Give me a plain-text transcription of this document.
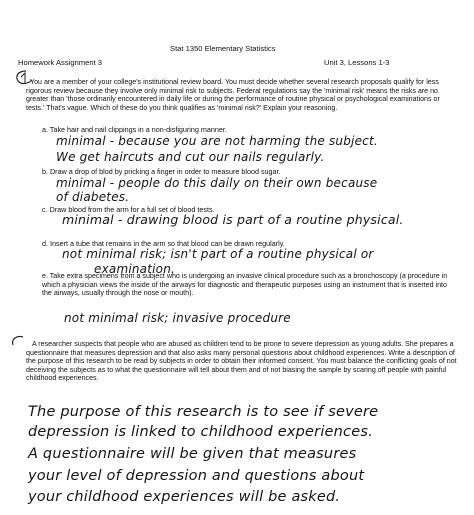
Stat 1350 Elementary Statistics
Homework Assignment 3	Unit 3, Lessons 1-3
You are a member of your college's institutional review board. You must decide whether several research proposals qualify for less rigorous review because they involve only minimal risk to subjects. Federal regulations say the 'minimal risk' means the risks are no greater than 'those ordinarily encountered in daily life or during the performance of routine physical or psychological examinations or tests.' That's vague. Which of these do you think qualifies as 'minimal risk?' Explain your reasoning.
a. Take hair and nail clippings in a non-disfiguring manner.
minimal - because you are not harming the subject.
We get haircuts and cut our nails regularly.
b. Draw a drop of blod by pricking a finger in order to measure blood sugar.
minimal - people do this daily on their own because
of diabetes.
c. Draw blood from the arm for a full set of blood tests.
minimal - drawing blood is part of a routine physical.
d. Insert a tube that remains in the arm so that blood can be drawn regularly.
not minimal risk; isn't part of a routine physical or
examination.
e. Take extra specimens from a subject who is undergoing an invasive clinical procedure such as a bronchoscopy (a procedure in which a physician views the inside of the airways for diagnostic and therapeutic purposes using an instrument that is inserted into the airways, usually through the nose or mouth).
not minimal risk; invasive procedure
A researcher suspects that people who are abused as children tend to be prone to severe depression as young adults. She prepares a questionnaire that measures depression and that also asks many personal questions about childhood experiences. Write a description of the purpose of this research to be read by subjects in order to obtain their informed consent. You must balance the conflicting goals of not deceiving the subjects as to what the questionnaire will tell about them and of not biasing the sample by scaring off people with painful childhood experiences.
The purpose of this research is to see if severe
depression is linked to childhood experiences.
A questionnaire will be given that measures
your level of depression and questions about
your childhood experiences will be asked.
